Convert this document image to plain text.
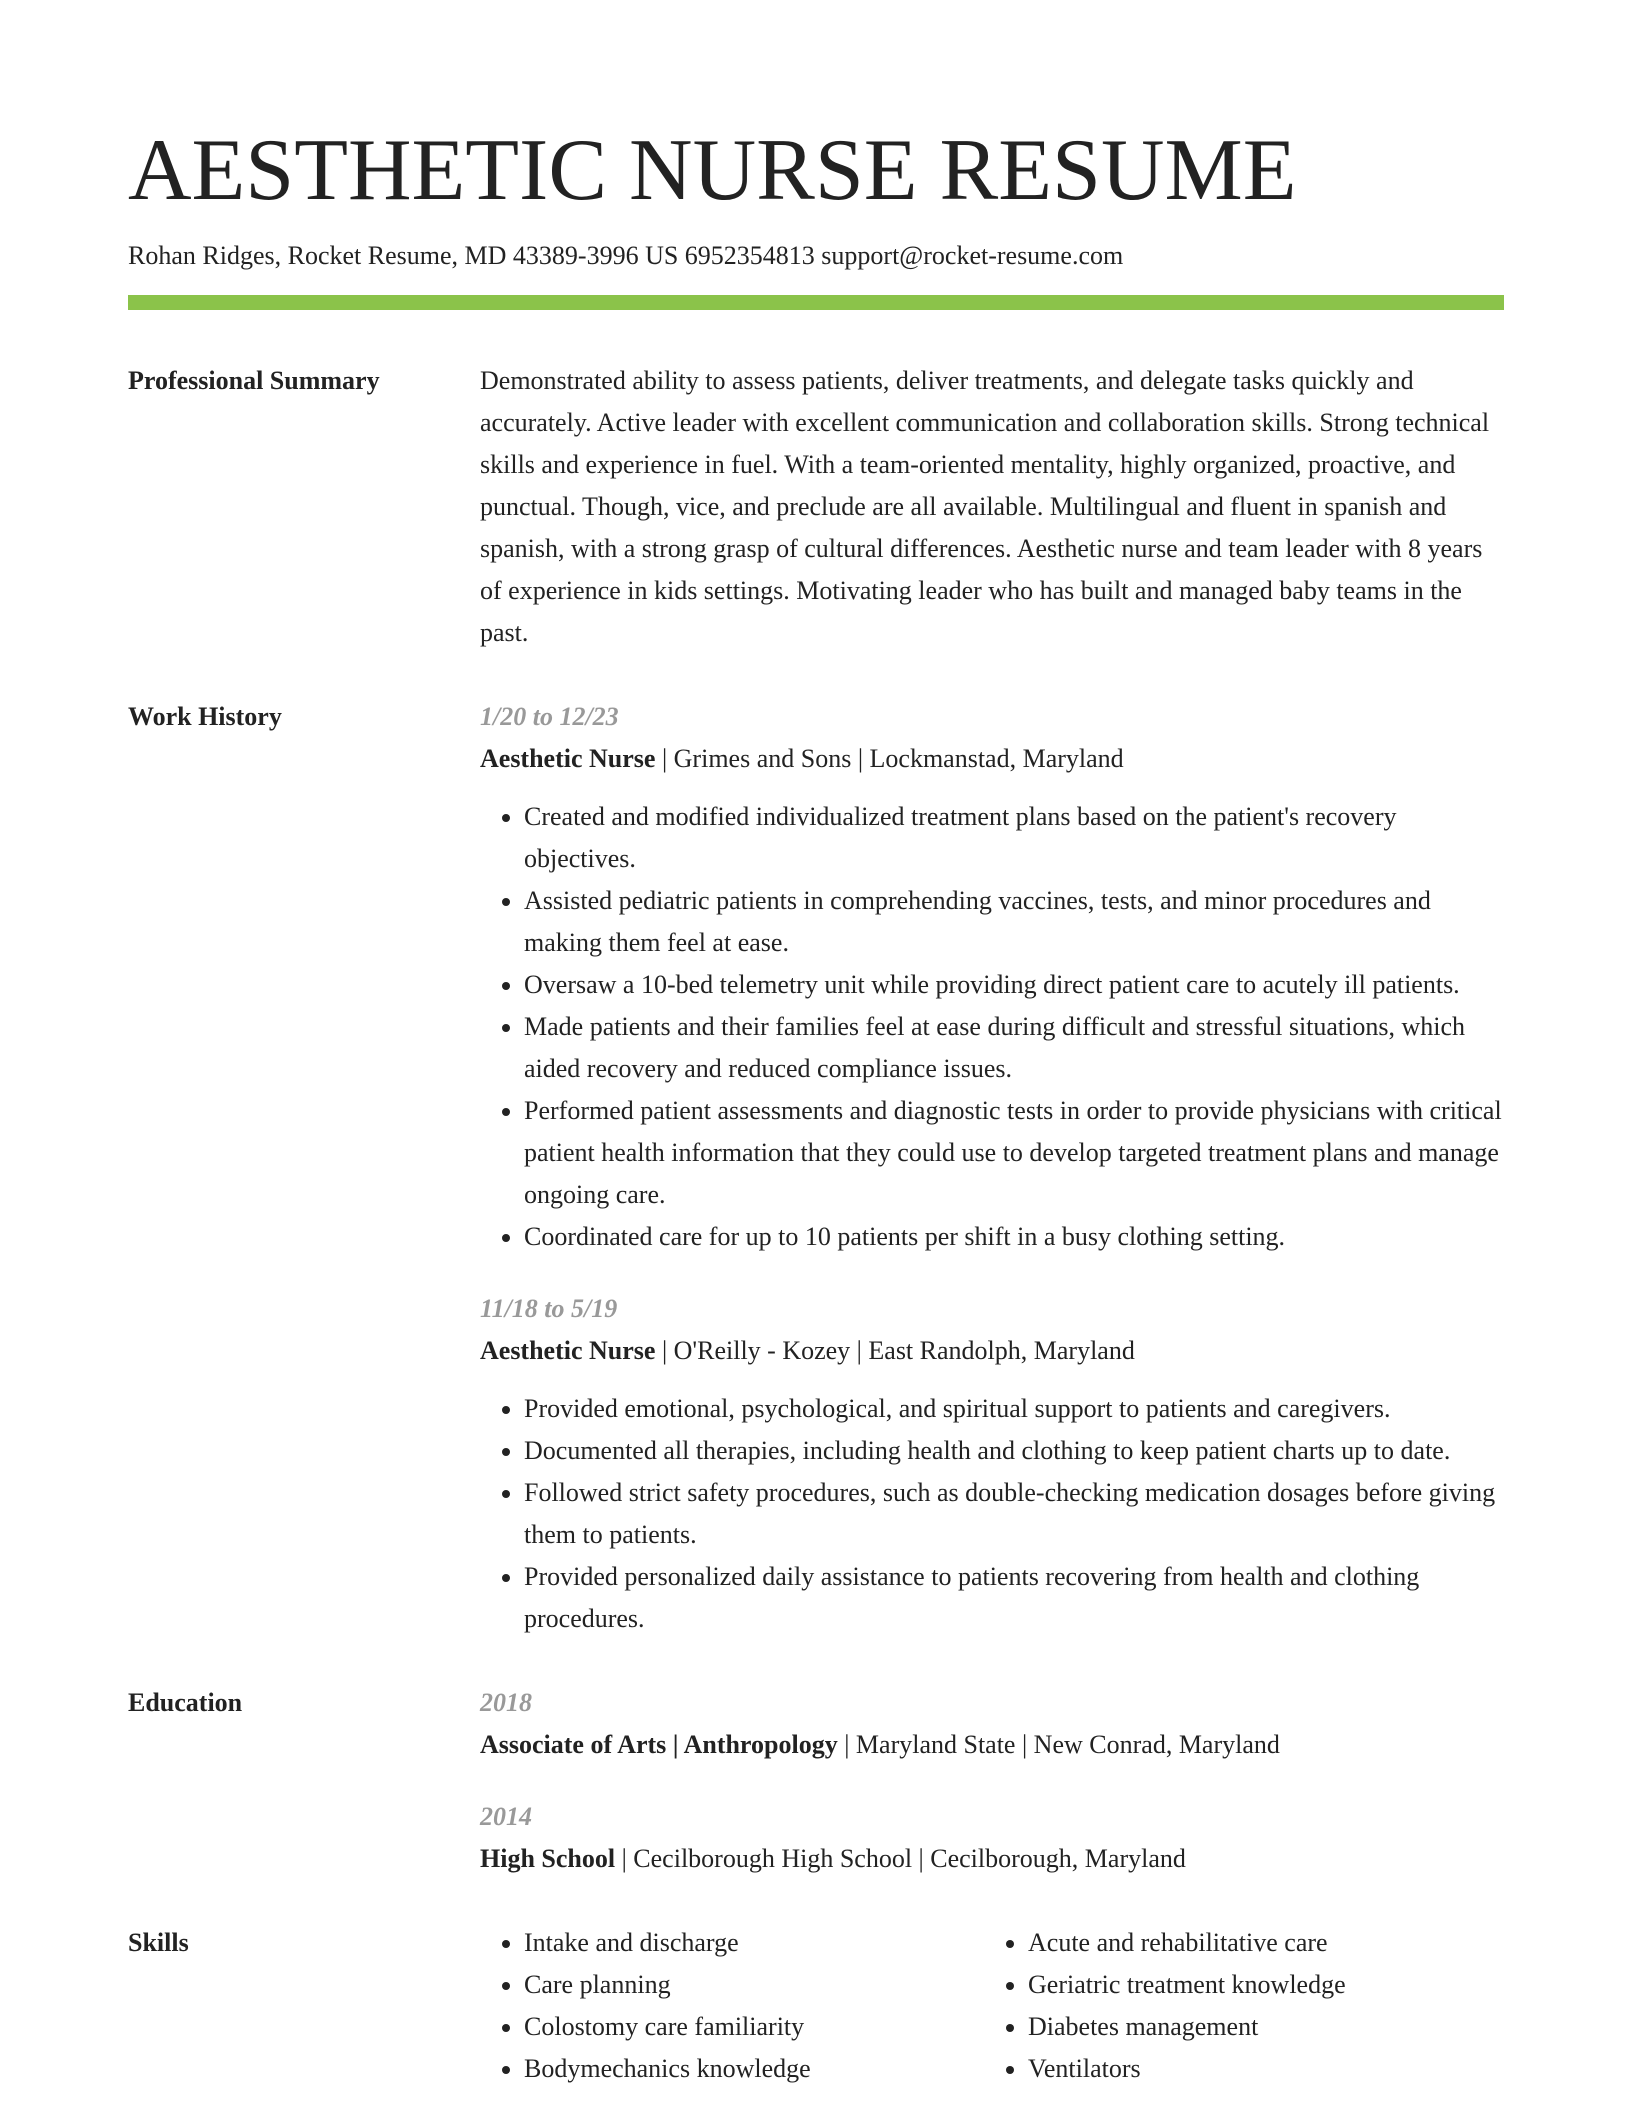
AESTHETIC NURSE RESUME
Rohan Ridges, Rocket Resume, MD 43389-3996 US 6952354813 support@rocket-resume.com
Professional Summary	Demonstrated ability to assess patients, deliver treatments, and delegate tasks quickly and accurately. Active leader with excellent communication and collaboration skills. Strong technical skills and experience in fuel. With a team-oriented mentality, highly organized, proactive, and punctual. Though, vice, and preclude are all available. Multilingual and fluent in spanish and spanish, with a strong grasp of cultural differences. Aesthetic nurse and team leader with 8 years of experience in kids settings. Motivating leader who has built and managed baby teams in the past.

Work History	1/20 to 12/23
Aesthetic Nurse | Grimes and Sons | Lockmanstad, Maryland
• Created and modified individualized treatment plans based on the patient's recovery objectives.
• Assisted pediatric patients in comprehending vaccines, tests, and minor procedures and making them feel at ease.
• Oversaw a 10-bed telemetry unit while providing direct patient care to acutely ill patients.
• Made patients and their families feel at ease during difficult and stressful situations, which aided recovery and reduced compliance issues.
• Performed patient assessments and diagnostic tests in order to provide physicians with critical patient health information that they could use to develop targeted treatment plans and manage ongoing care.
• Coordinated care for up to 10 patients per shift in a busy clothing setting.
11/18 to 5/19
Aesthetic Nurse | O'Reilly - Kozey | East Randolph, Maryland
• Provided emotional, psychological, and spiritual support to patients and caregivers.
• Documented all therapies, including health and clothing to keep patient charts up to date.
• Followed strict safety procedures, such as double-checking medication dosages before giving them to patients.
• Provided personalized daily assistance to patients recovering from health and clothing procedures.
Education	2018
Associate of Arts | Anthropology | Maryland State | New Conrad, Maryland
2014
High School | Cecilborough High School | Cecilborough, Maryland
Skills
•	Intake and discharge
• Care planning
• Colostomy care familiarity
• Bodymechanics knowledge
• Acute and rehabilitative care
• Geriatric treatment knowledge
• Diabetes management
• Ventilators
